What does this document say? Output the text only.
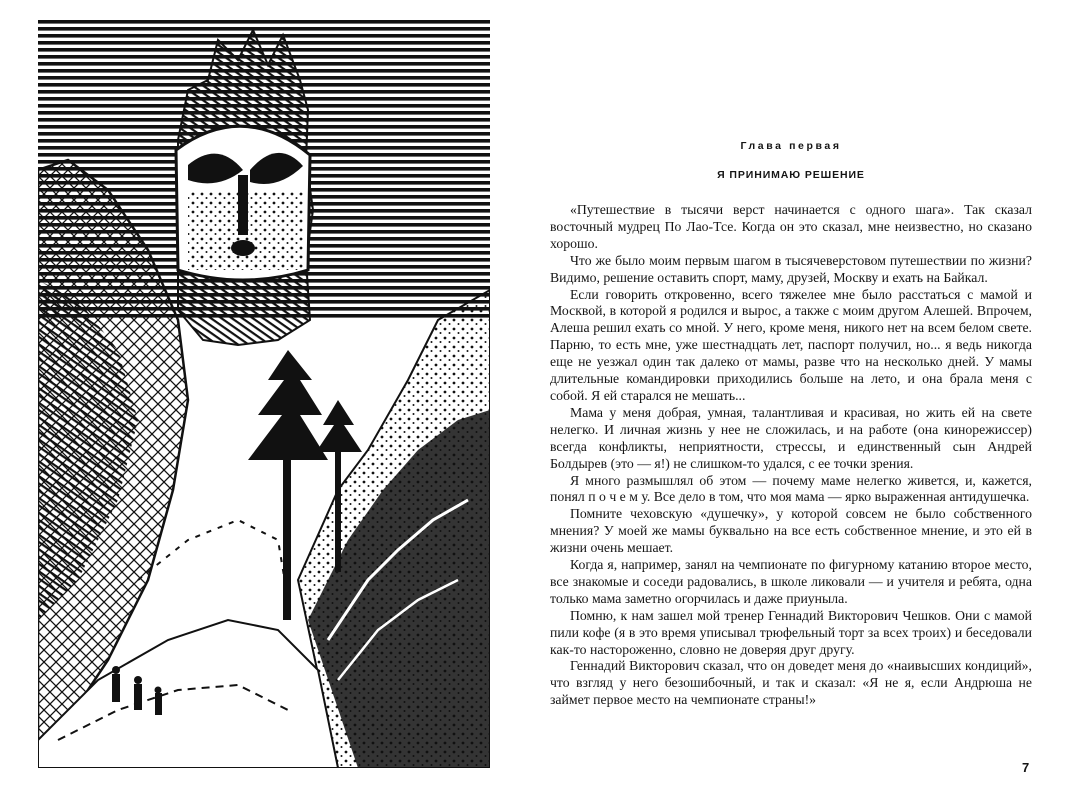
Глава первая

Я ПРИНИМАЮ РЕШЕНИЕ

«Путешествие в тысячи верст начинается с одного шага». Так сказал восточный мудрец По Лао-Тсе. Когда он это сказал, мне неизвестно, но сказано хорошо.

Что же было моим первым шагом в тысячеверстовом путешествии по жизни? Видимо, решение оставить спорт, маму, друзей, Москву и ехать на Байкал.

Если говорить откровенно, всего тяжелее мне было расстаться с мамой и Москвой, в которой я родился и вырос, а также с моим другом Алешей. Впрочем, Алеша решил ехать со мной. У него, кроме меня, никого нет на всем белом свете. Парню, то есть мне, уже шестнадцать лет, паспорт получил, но... я ведь никогда еще не уезжал один так далеко от мамы, разве что на несколько дней. У мамы длительные командировки приходились больше на лето, и она брала меня с собой. Я ей старался не мешать...

Мама у меня добрая, умная, талантливая и красивая, но жить ей на свете нелегко. И личная жизнь у нее не сложилась, и на работе (она кинорежиссер) всегда конфликты, неприятности, стрессы, и единственный сын Андрей Болдырев (это — я!) не слишком-то удался, с ее точки зрения.

Я много размышлял об этом — почему маме нелегко живется, и, кажется, понял п о ч е м у. Все дело в том, что моя мама — ярко выраженная антидушечка.

Помните чеховскую «душечку», у которой совсем не было собственного мнения? У моей же мамы буквально на все есть собственное мнение, и это ей в жизни очень мешает.

Когда я, например, занял на чемпионате по фигурному катанию второе место, все знакомые и соседи радовались, в школе ликовали — и учителя и ребята, одна только мама заметно огорчилась и даже приуныла.

Помню, к нам зашел мой тренер Геннадий Викторович Чешков. Они с мамой пили кофе (я в это время уписывал трюфельный торт за всех троих) и беседовали как-то настороженно, словно не доверяя друг другу.

Геннадий Викторович сказал, что он доведет меня до «наивысших кондиций», что взгляд у него безошибочный, и так и сказал: «Я не я, если Андрюша не займет первое место на чемпионате страны!»

7
